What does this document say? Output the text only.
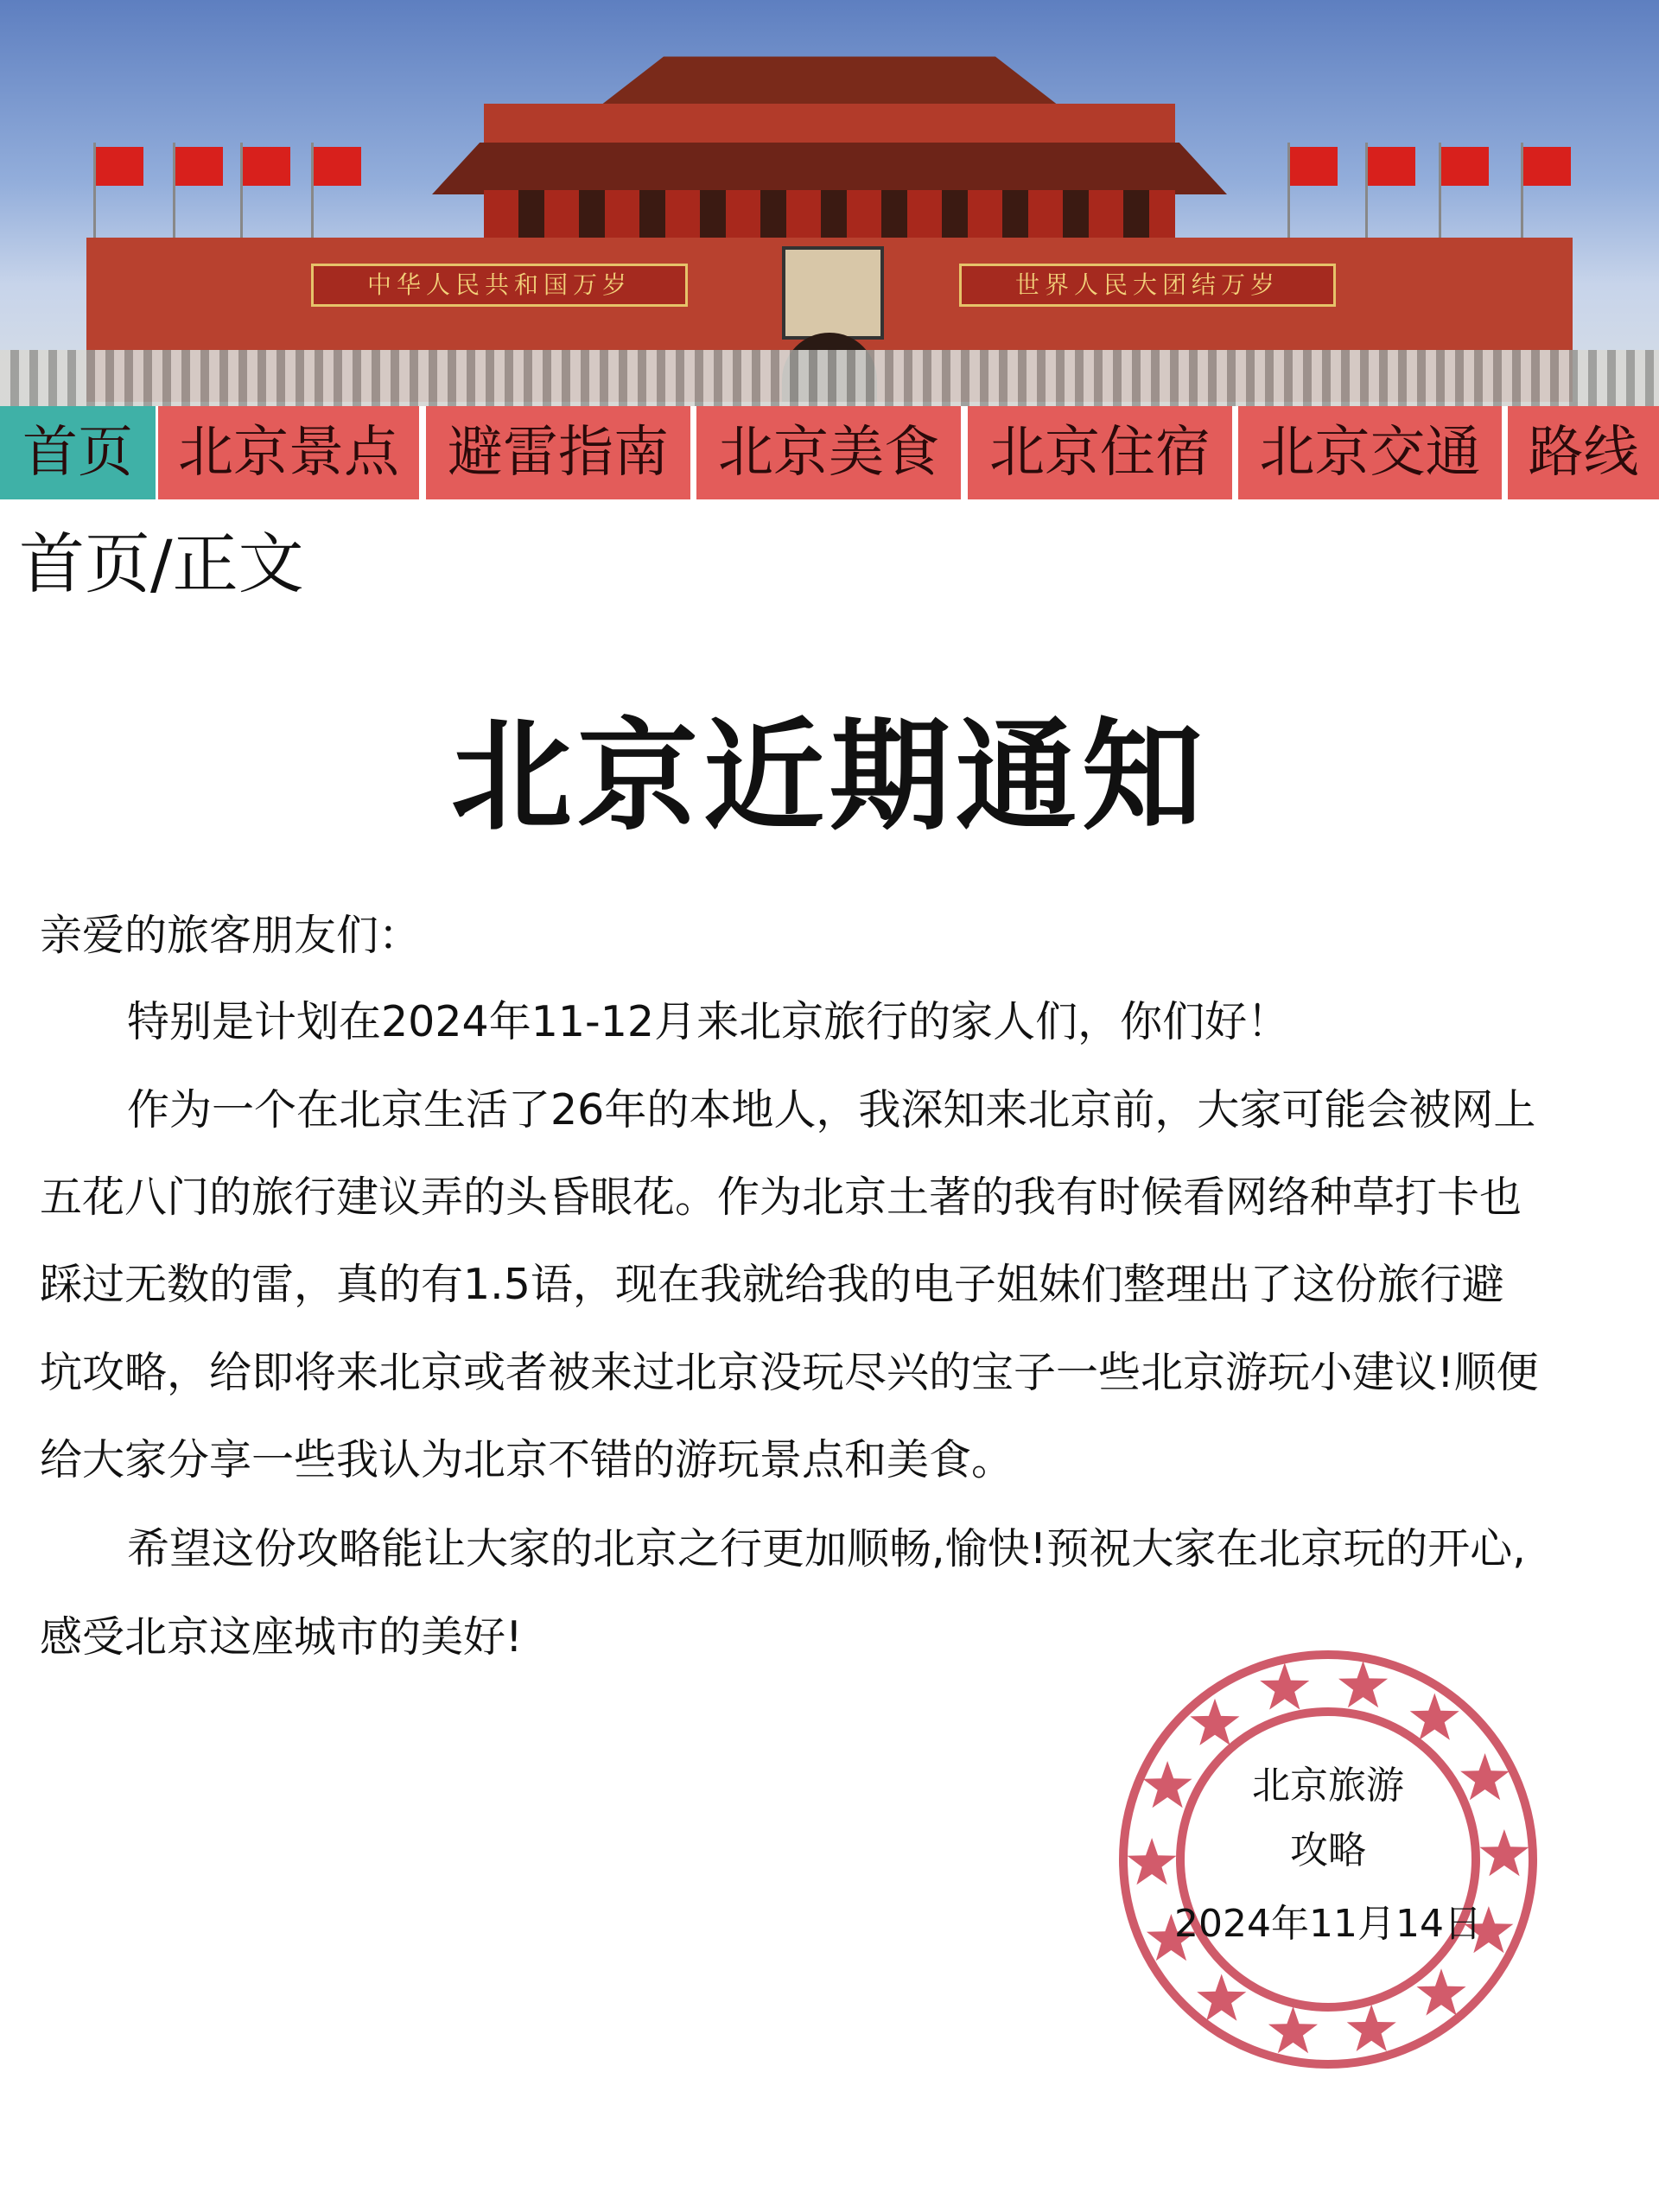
中华人民共和国万岁	世界人民大团结万岁
首页 北京景点 避雷指南 北京美食 北京住宿 北京交通 路线
首页/正文
北京近期通知
亲爱的旅客朋友们：
特别是计划在2024年11-12月来北京旅行的家人们，你们好！
作为一个在北京生活了26年的本地人，我深知来北京前，大家可能会被网上
五花八门的旅行建议弄的头昏眼花。作为北京土著的我有时候看网络种草打卡也
踩过无数的雷，真的有1.5语，现在我就给我的电子姐妹们整理出了这份旅行避
坑攻略，给即将来北京或者被来过北京没玩尽兴的宝子一些北京游玩小建议!顺便
给大家分享一些我认为北京不错的游玩景点和美食。
希望这份攻略能让大家的北京之行更加顺畅,愉快!预祝大家在北京玩的开心,
感受北京这座城市的美好!
北京旅游
攻略
2024年11月14日
